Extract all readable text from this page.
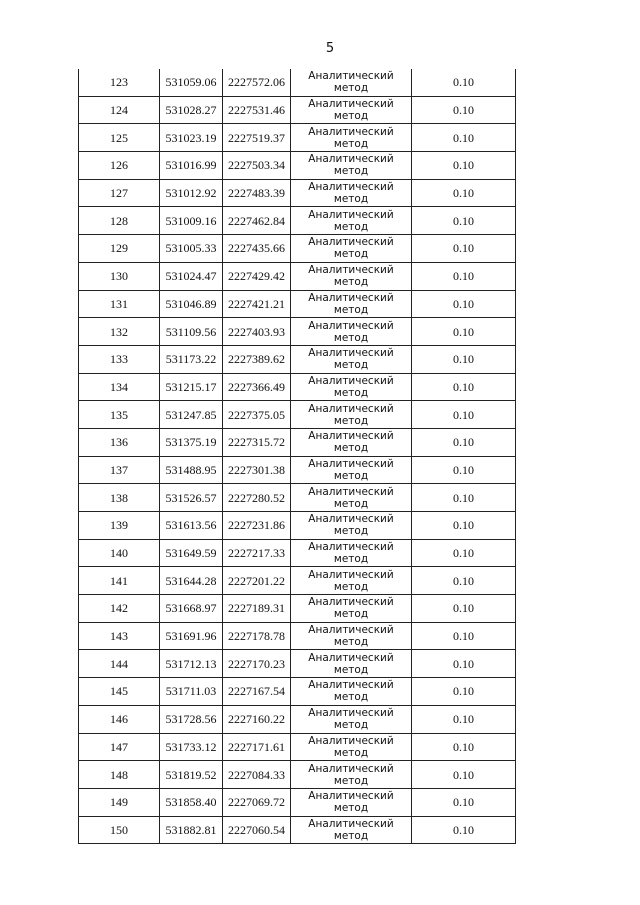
5
123	531059.06	2227572.06	Аналитический
метод	0.10
124	531028.27	2227531.46	Аналитический
метод	0.10
125	531023.19	2227519.37	Аналитический
метод	0.10
126	531016.99	2227503.34	Аналитический
метод	0.10
127	531012.92	2227483.39	Аналитический
метод	0.10
128	531009.16	2227462.84	Аналитический
метод	0.10
129	531005.33	2227435.66	Аналитический
метод	0.10
130	531024.47	2227429.42	Аналитический
метод	0.10
131	531046.89	2227421.21	Аналитический
метод	0.10
132	531109.56	2227403.93	Аналитический
метод	0.10
133	531173.22	2227389.62	Аналитический
метод	0.10
134	531215.17	2227366.49	Аналитический
метод	0.10
135	531247.85	2227375.05	Аналитический
метод	0.10
136	531375.19	2227315.72	Аналитический
метод	0.10
137	531488.95	2227301.38	Аналитический
метод	0.10
138	531526.57	2227280.52	Аналитический
метод	0.10
139	531613.56	2227231.86	Аналитический
метод	0.10
140	531649.59	2227217.33	Аналитический
метод	0.10
141	531644.28	2227201.22	Аналитический
метод	0.10
142	531668.97	2227189.31	Аналитический
метод	0.10
143	531691.96	2227178.78	Аналитический
метод	0.10
144	531712.13	2227170.23	Аналитический
метод	0.10
145	531711.03	2227167.54	Аналитический
метод	0.10
146	531728.56	2227160.22	Аналитический
метод	0.10
147	531733.12	2227171.61	Аналитический
метод	0.10
148	531819.52	2227084.33	Аналитический
метод	0.10
149	531858.40	2227069.72	Аналитический
метод	0.10
150	531882.81	2227060.54	Аналитический
метод	0.10
